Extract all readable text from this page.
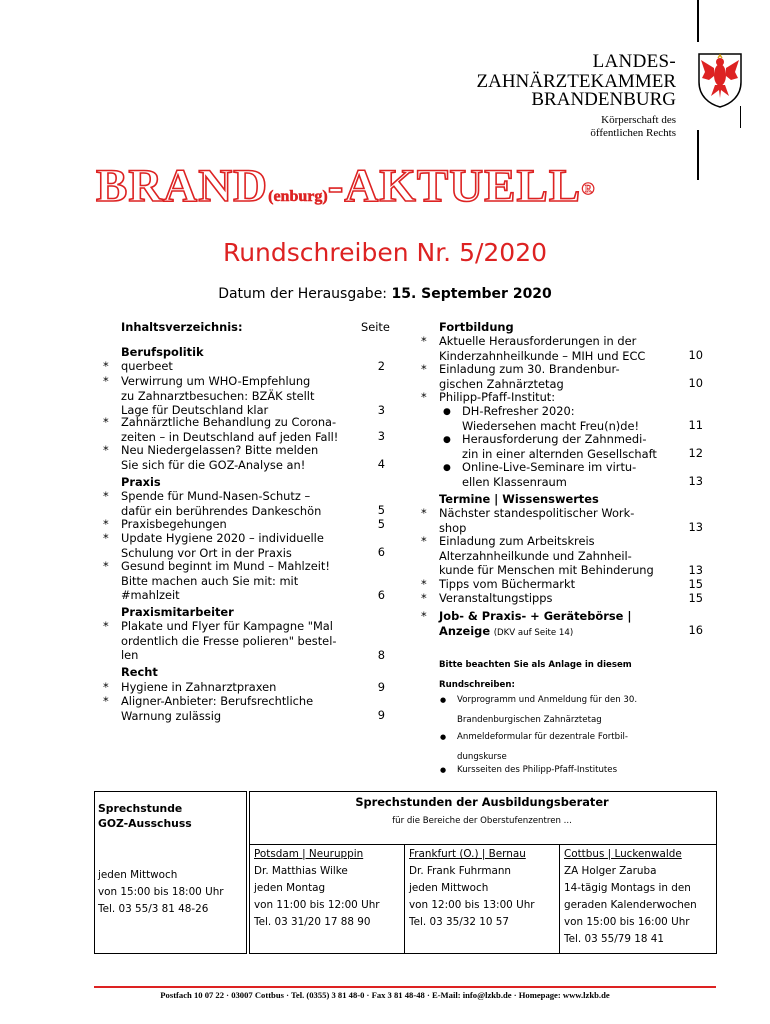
LANDES-
ZAHNÄRZTEKAMMER
BRANDENBURG
Körperschaft des
öffentlichen Rechts
BRAND(enburg)-AKTUELL®
Rundschreiben Nr. 5/2020
Datum der Herausgabe: 15. September 2020
Inhaltsverzeichnis:	Seite
Berufspolitik
* querbeet	2
* Verwirrung um WHO-Empfehlung
zu Zahnarztbesuchen: BZÄK stellt
Lage für Deutschland klar	3
* Zahnärztliche Behandlung zu Corona-
zeiten – in Deutschland auf jeden Fall!	3
* Neu Niedergelassen? Bitte melden
Sie sich für die GOZ-Analyse an!	4
Praxis
* Spende für Mund-Nasen-Schutz –
dafür ein berührendes Dankeschön	5
* Praxisbegehungen	5
* Update Hygiene 2020 – individuelle
Schulung vor Ort in der Praxis	6
* Gesund beginnt im Mund – Mahlzeit!
Bitte machen auch Sie mit: mit
#mahlzeit	6
Praxismitarbeiter
* Plakate und Flyer für Kampagne "Mal
ordentlich die Fresse polieren" bestel-
len	8
Recht
* Hygiene in Zahnarztpraxen	9
* Aligner-Anbieter: Berufsrechtliche
Warnung zulässig	9
Fortbildung
* Aktuelle Herausforderungen in der
Kinderzahnheilkunde – MIH und ECC	10
* Einladung zum 30. Brandenbur-
gischen Zahnärztetag	10
* Philipp-Pfaff-Institut:
● DH-Refresher 2020:
Wiedersehen macht Freu(n)de!	11
● Herausforderung der Zahnmedi-
zin in einer alternden Gesellschaft	12
● Online-Live-Seminare im virtu-
ellen Klassenraum	13
Termine | Wissenswertes
* Nächster standespolitischer Work-
shop	13
* Einladung zum Arbeitskreis
Alterzahnheilkunde und Zahnheil-
kunde für Menschen mit Behinderung	13
* Tipps vom Büchermarkt	15
* Veranstaltungstipps	15
* Job- & Praxis- + Gerätebörse |
Anzeige (DKV auf Seite 14)	16
Bitte beachten Sie als Anlage in diesem
Rundschreiben:
● Vorprogramm und Anmeldung für den 30.
Brandenburgischen Zahnärztetag
● Anmeldeformular für dezentrale Fortbil-
dungskurse
● Kursseiten des Philipp-Pfaff-Institutes
Sprechstunde
GOZ-Ausschuss
jeden Mittwoch
von 15:00 bis 18:00 Uhr
Tel. 03 55/3 81 48-26
Sprechstunden der Ausbildungsberater
für die Bereiche der Oberstufenzentren ...
Potsdam | Neuruppin
Dr. Matthias Wilke
jeden Montag
von 11:00 bis 12:00 Uhr
Tel. 03 31/20 17 88 90
Frankfurt (O.) | Bernau
Dr. Frank Fuhrmann
jeden Mittwoch
von 12:00 bis 13:00 Uhr
Tel. 03 35/32 10 57
Cottbus | Luckenwalde
ZA Holger Zaruba
14-tägig Montags in den
geraden Kalenderwochen
von 15:00 bis 16:00 Uhr
Tel. 03 55/79 18 41
Postfach 10 07 22 · 03007 Cottbus · Tel. (0355) 3 81 48-0 · Fax 3 81 48-48 · E-Mail: info@lzkb.de · Homepage: www.lzkb.de
